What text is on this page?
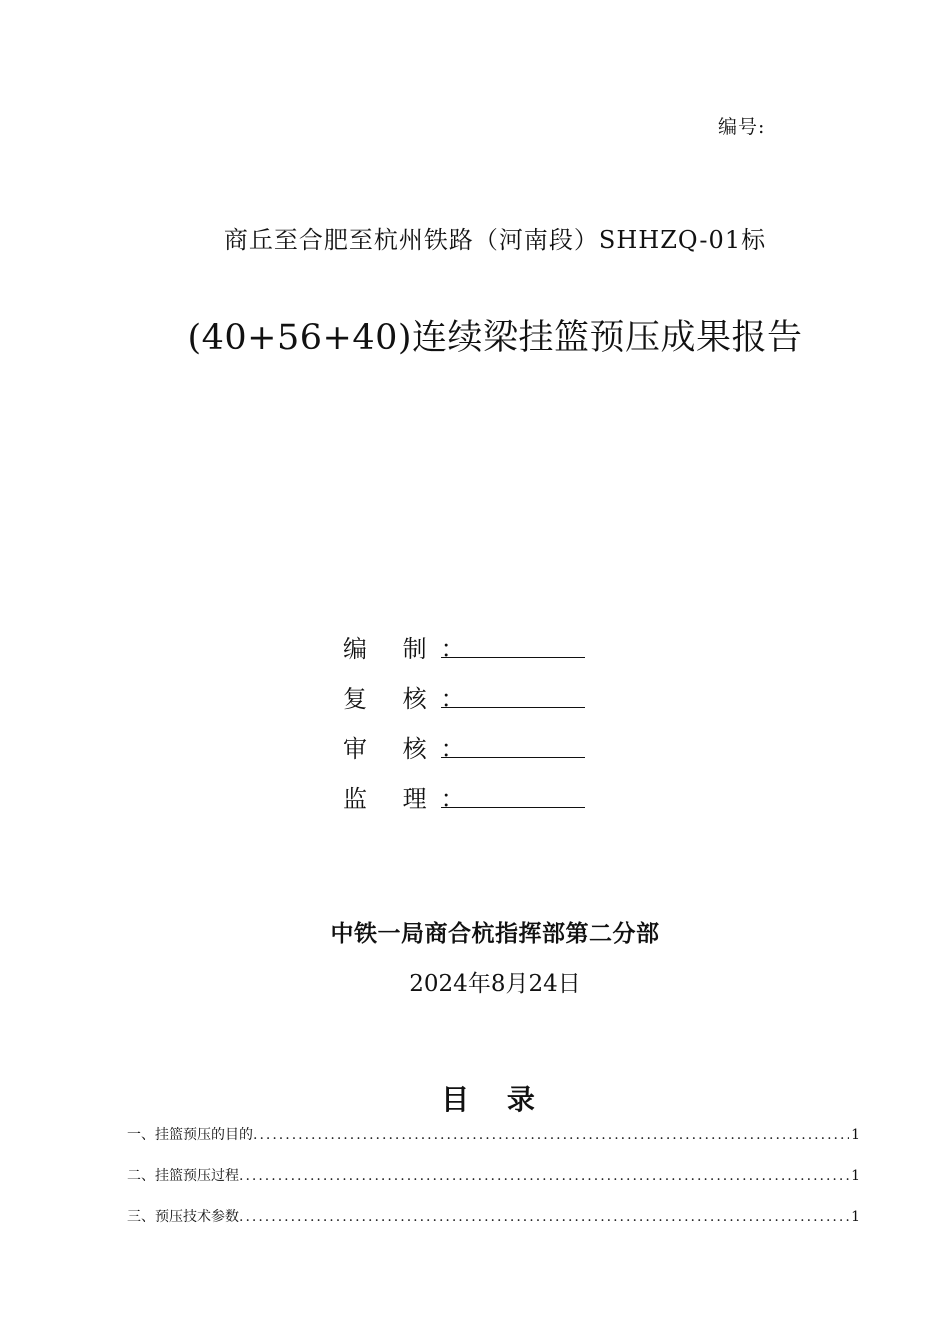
编号:
商丘至合肥至杭州铁路（河南段）SHHZQ-01标
(40+56+40)连续梁挂篮预压成果报告
编 制：
复 核：
审 核：
监 理：
中铁一局商合杭指挥部第二分部
2024年8月24日
目 录
一、挂篮预压的目的 .....	1
二、挂篮预压过程 .....	1
三、预压技术参数 .....	1
